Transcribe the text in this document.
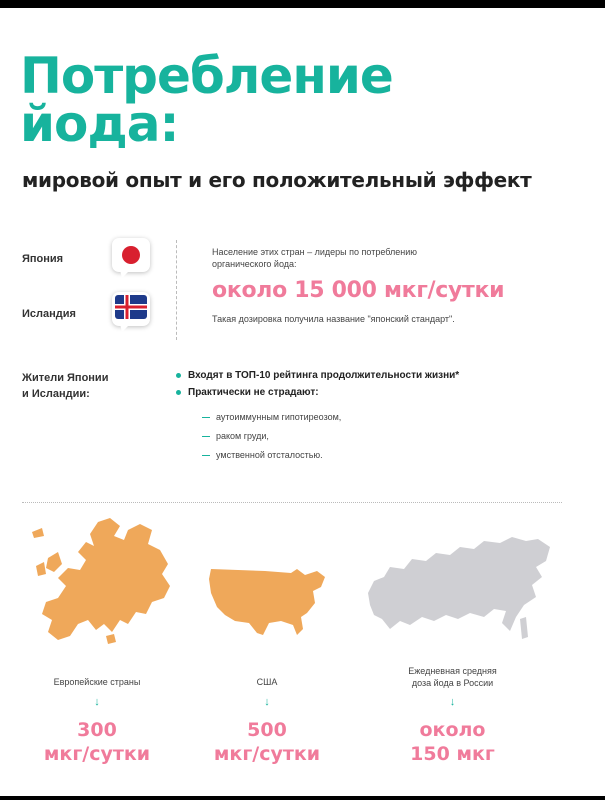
Потребление
йода:
мировой опыт и его положительный эффект
Япония
Исландия
Население этих стран – лидеры по потреблению
органического йода:
около 15 000 мкг/сутки
Такая дозировка получила название "японский стандарт".
Жители Японии
и Исландии:
Входят в ТОП-10 рейтинга продолжительности жизни*
Практически не страдают:
аутоиммунным гипотиреозом,
раком груди,
умственной отсталостью.
Европейские страны	США
Ежедневная средняя
доза йода в России
↓	↓	↓
300
мкг/сутки
500
мкг/сутки
около
150 мкг
